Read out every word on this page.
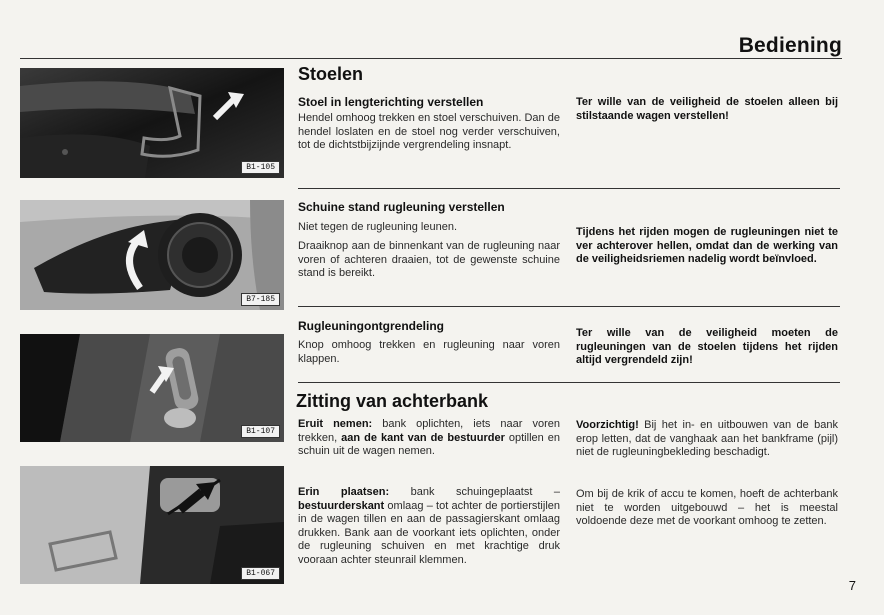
Bediening
B1-105
B7-185
B1-107
B1-067
Stoelen
Stoel in lengterichting verstellen

Hendel omhoog trekken en stoel verschuiven. Dan de hendel loslaten en de stoel nog verder verschuiven, tot de dichtstbijzijnde vergrendeling insnapt.

Ter wille van de veiligheid de stoelen alleen bij stilstaande wagen verstellen!

Schuine stand rugleuning verstellen

Niet tegen de rugleuning leunen.

Draaiknop aan de binnenkant van de rugleuning naar voren of achteren draaien, tot de gewenste schuine stand is bereikt.

Tijdens het rijden mogen de rugleuningen niet te ver achterover hellen, omdat dan de werking van de veiligheidsriemen nadelig wordt beïnvloed.

Rugleuningontgrendeling

Knop omhoog trekken en rugleuning naar voren klappen.

Ter wille van de veiligheid moeten de rugleuningen van de stoelen tijdens het rijden altijd vergrendeld zijn!

Zitting van achterbank

Eruit nemen: bank oplichten, iets naar voren trekken, aan de kant van de bestuurder optillen en schuin uit de wagen nemen.

Erin plaatsen: bank schuingeplaatst – bestuurderskant omlaag – tot achter de portierstijlen in de wagen tillen en aan de passagierskant omlaag drukken. Bank aan de voorkant iets oplichten, onder de rugleuning schuiven en met krachtige druk vooraan achter steunrail klemmen.

Voorzichtig! Bij het in- en uitbouwen van de bank erop letten, dat de vanghaak aan het bankframe (pijl) niet de rugleuningbekleding beschadigt.

Om bij de krik of accu te komen, hoeft de achterbank niet te worden uitgebouwd – het is meestal voldoende deze met de voorkant omhoog te zetten.

7
